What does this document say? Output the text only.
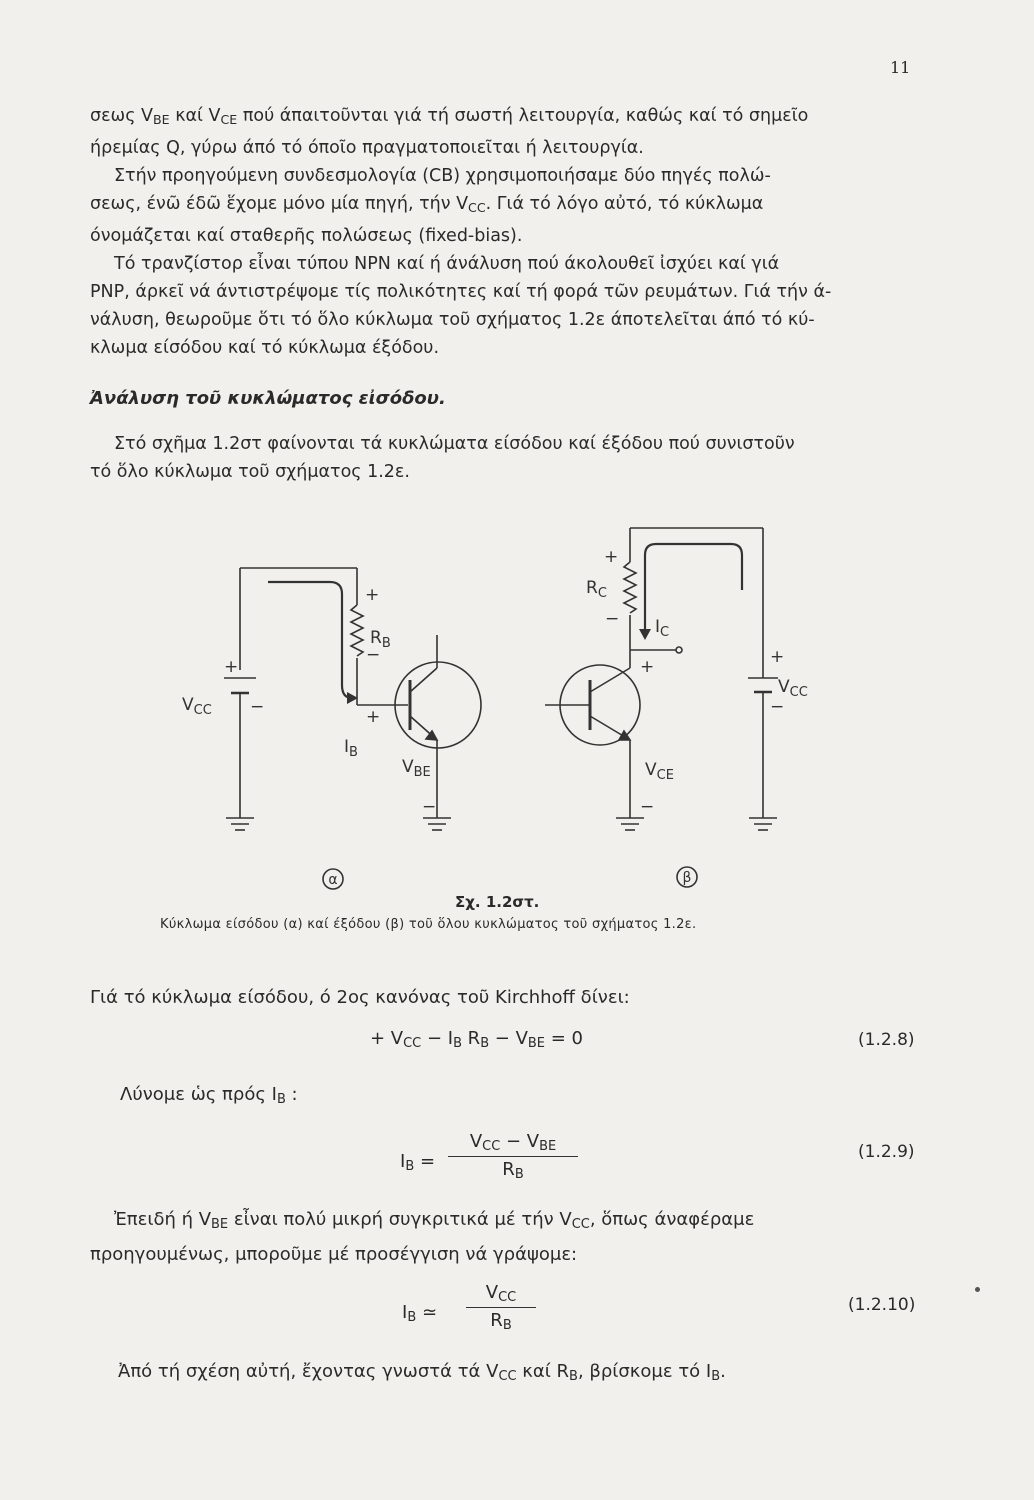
11

σεως $V_{BE}$ καί $V_{CE}$ πού άπαιτοῦνται γιά τή σωστή λειτουργία, καθώς καί τό σημεῖο
ήρεμίας Q, γύρω άπό τό όποῖο πραγματοποιεῖται ή λειτουργία.

Στήν προηγούμενη συνδεσμολογία (CB) χρησιμοποιήσαμε δύο πηγές πολώ-
σεως, ένῶ έδῶ ἕχομε μόνο μία πηγή, τήν $V_{CC}$. Γιά τό λόγο αὐτό, τό κύκλωμα
όνομάζεται καί σταθερῆς πολώσεως (fixed-bias).

Τό τρανζίστορ εἶναι τύπου NPN καί ή άνάλυση πού άκολουθεῖ ἰσχύει καί γιά
PNP, άρκεῖ νά άντιστρέψομε τίς πολικότητες καί τή φορά τῶν ρευμάτων. Γιά τήν ά-
νάλυση, θεωροῦμε ὅτι τό ὅλο κύκλωμα τοῦ σχήματος 1.2ε άποτελεῖται άπό τό κύ-
κλωμα είσόδου καί τό κύκλωμα έξόδου.

Ἀνάλυση τοῦ κυκλώματος εἰσόδου.

Στό σχῆμα 1.2στ φαίνονται τά κυκλώματα είσόδου καί έξόδου πού συνιστοῦν
τό ὅλο κύκλωμα τοῦ σχήματος 1.2ε.

+
−
$V_{CC}$
+
$R_B$
−
+
$I_B$
$V_{BE}$
−
+
$R_C$
− $I_C$
+	+
$V_{CC}$
−
$V_{CE}$
−
α	β
Σχ. 1.2στ.
Κύκλωμα είσόδου (α) καί έξόδου (β) τοῦ ὅλου κυκλώματος τοῦ σχήματος 1.2ε.

Γιά τό κύκλωμα είσόδου, ό 2ος κανόνας τοῦ Kirchhoff δίνει:

+ $V_{CC} - I_B$ $R_B - V_{BE} = 0$	(1.2.8)
Λύνομε ὡς πρός $I_B$ :
$I_B$ =
$V_{CC} - V_{BE}$
$R_B$
(1.2.9)

Ἐπειδή ή $V_{BE}$ εἶναι πολύ μικρή συγκριτικά μέ τήν $V_{CC}$, ὅπως άναφέραμε
προηγουμένως, μποροῦμε μέ προσέγγιση νά γράψομε:

$I_B$ ≃
$V_{CC}$
$R_B$
(1.2.10)

Ἀπό τή σχέση αὐτή, ἔχοντας γνωστά τά $V_{CC}$ καί $R_B$, βρίσκομε τό $I_B$.
